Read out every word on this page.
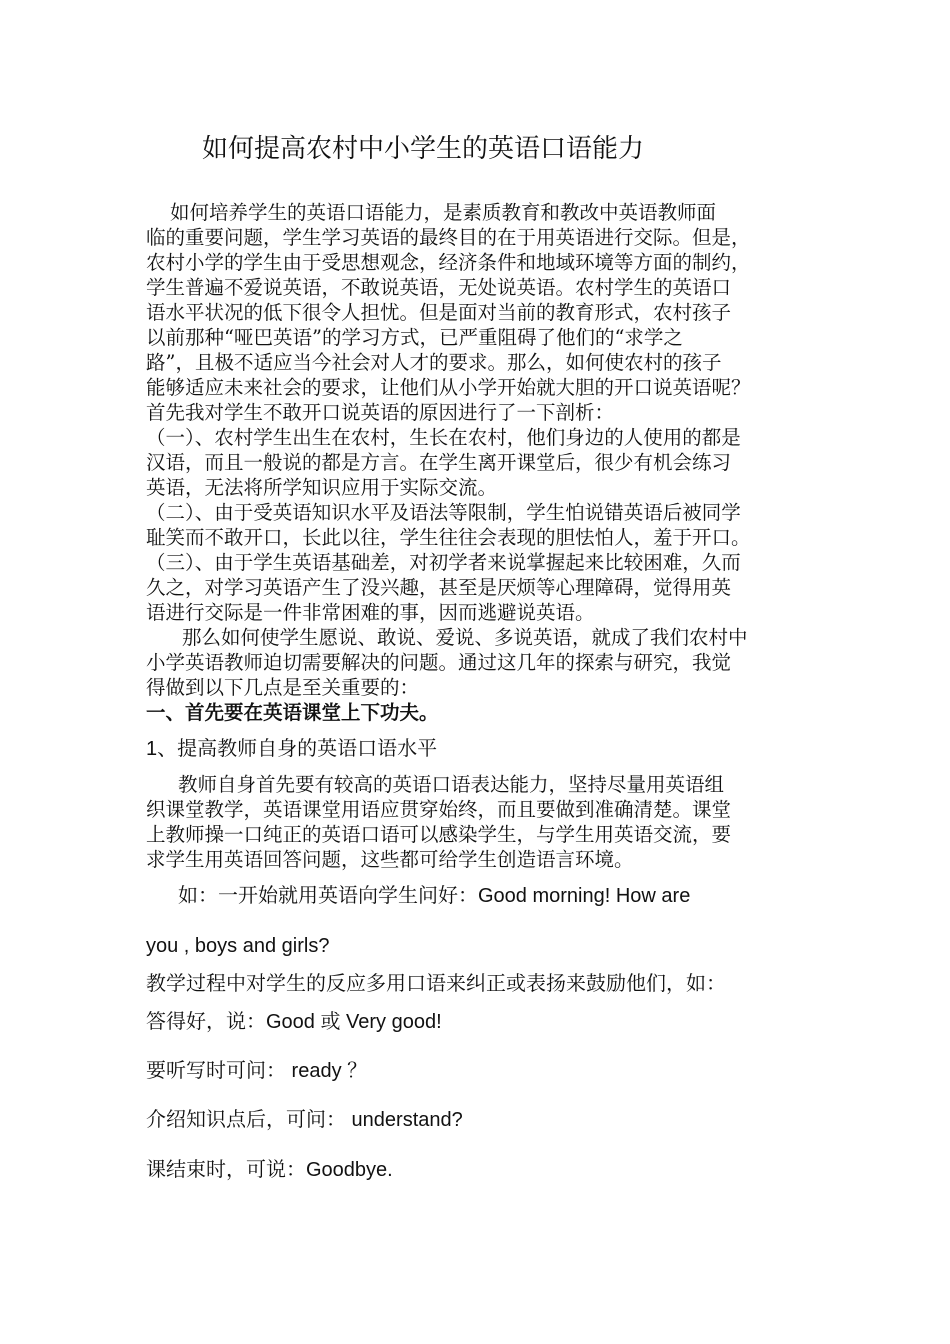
如何提高农村中小学生的英语口语能力
如何培养学生的英语口语能力，是素质教育和教改中英语教师面
临的重要问题，学生学习英语的最终目的在于用英语进行交际。但是，
农村小学的学生由于受思想观念，经济条件和地域环境等方面的制约，
学生普遍不爱说英语，不敢说英语，无处说英语。农村学生的英语口
语水平状况的低下很令人担忧。但是面对当前的教育形式，农村孩子
以前那种“哑巴英语”的学习方式，已严重阻碍了他们的“求学之
路”，且极不适应当今社会对人才的要求。那么，如何使农村的孩子
能够适应未来社会的要求，让他们从小学开始就大胆的开口说英语呢？
首先我对学生不敢开口说英语的原因进行了一下剖析：
（一）、农村学生出生在农村，生长在农村，他们身边的人使用的都是
汉语，而且一般说的都是方言。在学生离开课堂后，很少有机会练习
英语，无法将所学知识应用于实际交流。
（二）、由于受英语知识水平及语法等限制，学生怕说错英语后被同学
耻笑而不敢开口，长此以往，学生往往会表现的胆怯怕人，羞于开口。
（三）、由于学生英语基础差，对初学者来说掌握起来比较困难，久而
久之，对学习英语产生了没兴趣，甚至是厌烦等心理障碍，觉得用英
语进行交际是一件非常困难的事，因而逃避说英语。
那么如何使学生愿说、敢说、爱说、多说英语，就成了我们农村中
小学英语教师迫切需要解决的问题。通过这几年的探索与研究，我觉
得做到以下几点是至关重要的：
一、首先要在英语课堂上下功夫。
1、提高教师自身的英语口语水平
教师自身首先要有较高的英语口语表达能力，坚持尽量用英语组
织课堂教学，英语课堂用语应贯穿始终，而且要做到准确清楚。课堂
上教师操一口纯正的英语口语可以感染学生，与学生用英语交流，要
求学生用英语回答问题，这些都可给学生创造语言环境。
如：一开始就用英语向学生问好：Good morning! How are
you , boys and girls?
教学过程中对学生的反应多用口语来纠正或表扬来鼓励他们，如：
答得好，说：Good 或 Very good!
要听写时可问： ready ？
介绍知识点后，可问： understand?
课结束时，可说：Goodbye.
